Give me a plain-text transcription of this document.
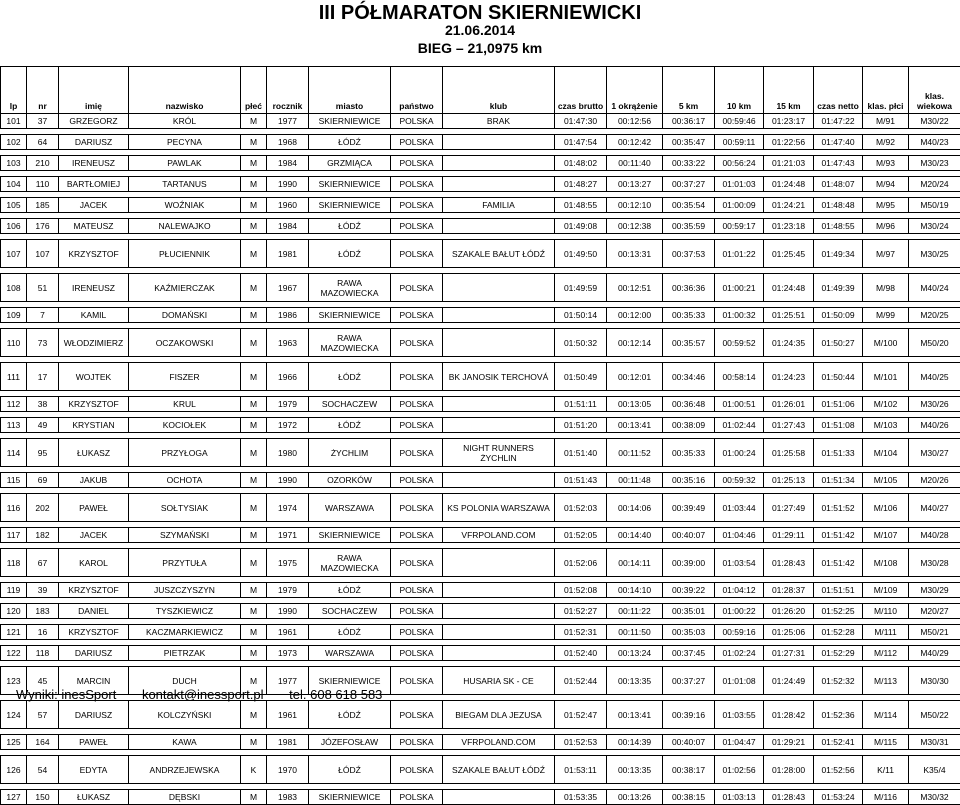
III PÓŁMARATON SKIERNIEWICKI
21.06.2014
BIEG – 21,0975 km
lp	nr	imię	nazwisko	płeć	rocznik	miasto	państwo	klub	czas brutto	1 okrążenie	5 km	10 km	15 km	czas netto	klas. płci	klas. wiekowa
101	37	GRZEGORZ	KRÓL	M	1977	SKIERNIEWICE	POLSKA	BRAK	01:47:30	00:12:56	00:36:17	00:59:46	01:23:17	01:47:22	M/91	M30/22

102	64	DARIUSZ	PECYNA	M	1968	ŁÓDŹ	POLSKA		01:47:54	00:12:42	00:35:47	00:59:11	01:22:56	01:47:40	M/92	M40/23

103	210	IRENEUSZ	PAWLAK	M	1984	GRZMIĄCA	POLSKA		01:48:02	00:11:40	00:33:22	00:56:24	01:21:03	01:47:43	M/93	M30/23

104	110	BARTŁOMIEJ	TARTANUS	M	1990	SKIERNIEWICE	POLSKA		01:48:27	00:13:27	00:37:27	01:01:03	01:24:48	01:48:07	M/94	M20/24

105	185	JACEK	WOŹNIAK	M	1960	SKIERNIEWICE	POLSKA	FAMILIA	01:48:55	00:12:10	00:35:54	01:00:09	01:24:21	01:48:48	M/95	M50/19

106	176	MATEUSZ	NALEWAJKO	M	1984	ŁÓDŹ	POLSKA		01:49:08	00:12:38	00:35:59	00:59:17	01:23:18	01:48:55	M/96	M30/24

107	107	KRZYSZTOF	PŁUCIENNIK	M	1981	ŁÓDŹ	POLSKA	SZAKALE BAŁUT ŁÓDŹ	01:49:50	00:13:31	00:37:53	01:01:22	01:25:45	01:49:34	M/97	M30/25

108	51	IRENEUSZ	KAŹMIERCZAK	M	1967	RAWA MAZOWIECKA	POLSKA		01:49:59	00:12:51	00:36:36	01:00:21	01:24:48	01:49:39	M/98	M40/24

109	7	KAMIL	DOMAŃSKI	M	1986	SKIERNIEWICE	POLSKA		01:50:14	00:12:00	00:35:33	01:00:32	01:25:51	01:50:09	M/99	M20/25

110	73	WŁODZIMIERZ	OCZAKOWSKI	M	1963	RAWA MAZOWIECKA	POLSKA		01:50:32	00:12:14	00:35:57	00:59:52	01:24:35	01:50:27	M/100	M50/20

111	17	WOJTEK	FISZER	M	1966	ŁÓDŹ	POLSKA	BK JANOSIK TERCHOVÁ	01:50:49	00:12:01	00:34:46	00:58:14	01:24:23	01:50:44	M/101	M40/25

112	38	KRZYSZTOF	KRUL	M	1979	SOCHACZEW	POLSKA		01:51:11	00:13:05	00:36:48	01:00:51	01:26:01	01:51:06	M/102	M30/26

113	49	KRYSTIAN	KOCIOŁEK	M	1972	ŁÓDŹ	POLSKA		01:51:20	00:13:41	00:38:09	01:02:44	01:27:43	01:51:08	M/103	M40/26

114	95	ŁUKASZ	PRZYŁOGA	M	1980	ŻYCHLIM	POLSKA	NIGHT RUNNERS ŻYCHLIN	01:51:40	00:11:52	00:35:33	01:00:24	01:25:58	01:51:33	M/104	M30/27

115	69	JAKUB	OCHOTA	M	1990	OZORKÓW	POLSKA		01:51:43	00:11:48	00:35:16	00:59:32	01:25:13	01:51:34	M/105	M20/26

116	202	PAWEŁ	SOŁTYSIAK	M	1974	WARSZAWA	POLSKA	KS POLONIA WARSZAWA	01:52:03	00:14:06	00:39:49	01:03:44	01:27:49	01:51:52	M/106	M40/27

117	182	JACEK	SZYMAŃSKI	M	1971	SKIERNIEWICE	POLSKA	VFRPOLAND.COM	01:52:05	00:14:40	00:40:07	01:04:46	01:29:11	01:51:42	M/107	M40/28

118	67	KAROL	PRZYTUŁA	M	1975	RAWA MAZOWIECKA	POLSKA		01:52:06	00:14:11	00:39:00	01:03:54	01:28:43	01:51:42	M/108	M30/28

119	39	KRZYSZTOF	JUSZCZYSZYN	M	1979	ŁÓDŹ	POLSKA		01:52:08	00:14:10	00:39:22	01:04:12	01:28:37	01:51:51	M/109	M30/29

120	183	DANIEL	TYSZKIEWICZ	M	1990	SOCHACZEW	POLSKA		01:52:27	00:11:22	00:35:01	01:00:22	01:26:20	01:52:25	M/110	M20/27

121	16	KRZYSZTOF	KACZMARKIEWICZ	M	1961	ŁÓDŹ	POLSKA		01:52:31	00:11:50	00:35:03	00:59:16	01:25:06	01:52:28	M/111	M50/21

122	118	DARIUSZ	PIETRZAK	M	1973	WARSZAWA	POLSKA		01:52:40	00:13:24	00:37:45	01:02:24	01:27:31	01:52:29	M/112	M40/29

123	45	MARCIN	DUCH	M	1977	SKIERNIEWICE	POLSKA	HUSARIA SK - CE	01:52:44	00:13:35	00:37:27	01:01:08	01:24:49	01:52:32	M/113	M30/30

124	57	DARIUSZ	KOLCZYŃSKI	M	1961	ŁÓDŹ	POLSKA	BIEGAM DLA JEZUSA	01:52:47	00:13:41	00:39:16	01:03:55	01:28:42	01:52:36	M/114	M50/22

125	164	PAWEŁ	KAWA	M	1981	JÓZEFOSŁAW	POLSKA	VFRPOLAND.COM	01:52:53	00:14:39	00:40:07	01:04:47	01:29:21	01:52:41	M/115	M30/31

126	54	EDYTA	ANDRZEJEWSKA	K	1970	ŁÓDŹ	POLSKA	SZAKALE BAŁUT ŁÓDŹ	01:53:11	00:13:35	00:38:17	01:02:56	01:28:00	01:52:56	K/11	K35/4

127	150	ŁUKASZ	DĘBSKI	M	1983	SKIERNIEWICE	POLSKA		01:53:35	00:13:26	00:38:15	01:03:13	01:28:43	01:53:24	M/116	M30/32
Wyniki: inesSport kontakt@inessport.pl tel. 608 618 583
